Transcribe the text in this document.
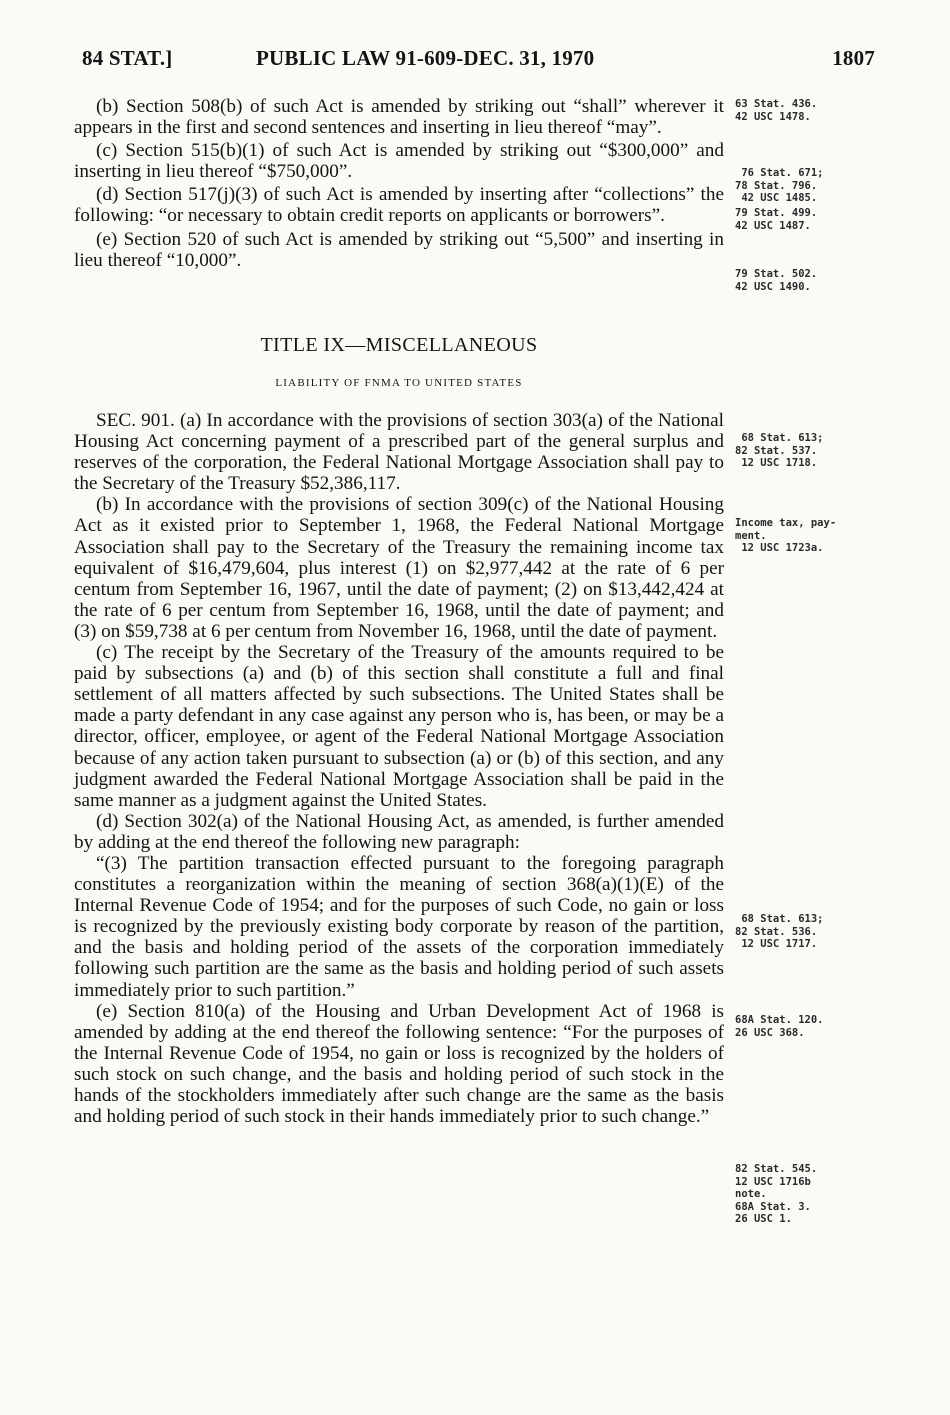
84 STAT.]	PUBLIC LAW 91-609-DEC. 31, 1970	1807

(b) Section 508(b) of such Act is amended by striking out “shall” wherever it appears in the first and second sentences and inserting in lieu thereof “may”.

(c) Section 515(b)(1) of such Act is amended by striking out “$300,000” and inserting in lieu thereof “$750,000”.

(d) Section 517(j)(3) of such Act is amended by inserting after “collections” the following: “or necessary to obtain credit reports on applicants or borrowers”.

(e) Section 520 of such Act is amended by striking out “5,500” and inserting in lieu thereof “10,000”.

TITLE IX—MISCELLANEOUS
LIABILITY OF FNMA TO UNITED STATES

SEC. 901. (a) In accordance with the provisions of section 303(a) of the National Housing Act concerning payment of a prescribed part of the general surplus and reserves of the corporation, the Federal National Mortgage Association shall pay to the Secretary of the Treasury $52,386,117.

(b) In accordance with the provisions of section 309(c) of the National Housing Act as it existed prior to September 1, 1968, the Federal National Mortgage Association shall pay to the Secretary of the Treasury the remaining income tax equivalent of $16,479,604, plus interest (1) on $2,977,442 at the rate of 6 per centum from September 16, 1967, until the date of payment; (2) on $13,442,424 at the rate of 6 per centum from September 16, 1968, until the date of payment; and (3) on $59,738 at 6 per centum from November 16, 1968, until the date of payment.

(c) The receipt by the Secretary of the Treasury of the amounts required to be paid by subsections (a) and (b) of this section shall constitute a full and final settlement of all matters affected by such subsections. The United States shall be made a party defendant in any case against any person who is, has been, or may be a director, officer, employee, or agent of the Federal National Mortgage Association because of any action taken pursuant to subsection (a) or (b) of this section, and any judgment awarded the Federal National Mortgage Association shall be paid in the same manner as a judgment against the United States.

(d) Section 302(a) of the National Housing Act, as amended, is further amended by adding at the end thereof the following new paragraph:

“(3) The partition transaction effected pursuant to the foregoing paragraph constitutes a reorganization within the meaning of section 368(a)(1)(E) of the Internal Revenue Code of 1954; and for the purposes of such Code, no gain or loss is recognized by the previously existing body corporate by reason of the partition, and the basis and holding period of the assets of the corporation immediately following such partition are the same as the basis and holding period of such assets immediately prior to such partition.”

(e) Section 810(a) of the Housing and Urban Development Act of 1968 is amended by adding at the end thereof the following sentence: “For the purposes of the Internal Revenue Code of 1954, no gain or loss is recognized by the holders of such stock on such change, and the basis and holding period of such stock in the hands of the stockholders immediately after such change are the same as the basis and holding period of such stock in their hands immediately prior to such change.”

63 Stat. 436.
42 USC 1478.
76 Stat. 671;
78 Stat. 796.
42 USC 1485.
79 Stat. 499.
42 USC 1487.
79 Stat. 502.
42 USC 1490.
68 Stat. 613;
82 Stat. 537.
12 USC 1718.
Income tax, pay-
ment.
12 USC 1723a.
68 Stat. 613;
82 Stat. 536.
12 USC 1717.
68A Stat. 120.
26 USC 368.
82 Stat. 545.
12 USC 1716b
note.
68A Stat. 3.
26 USC 1.
